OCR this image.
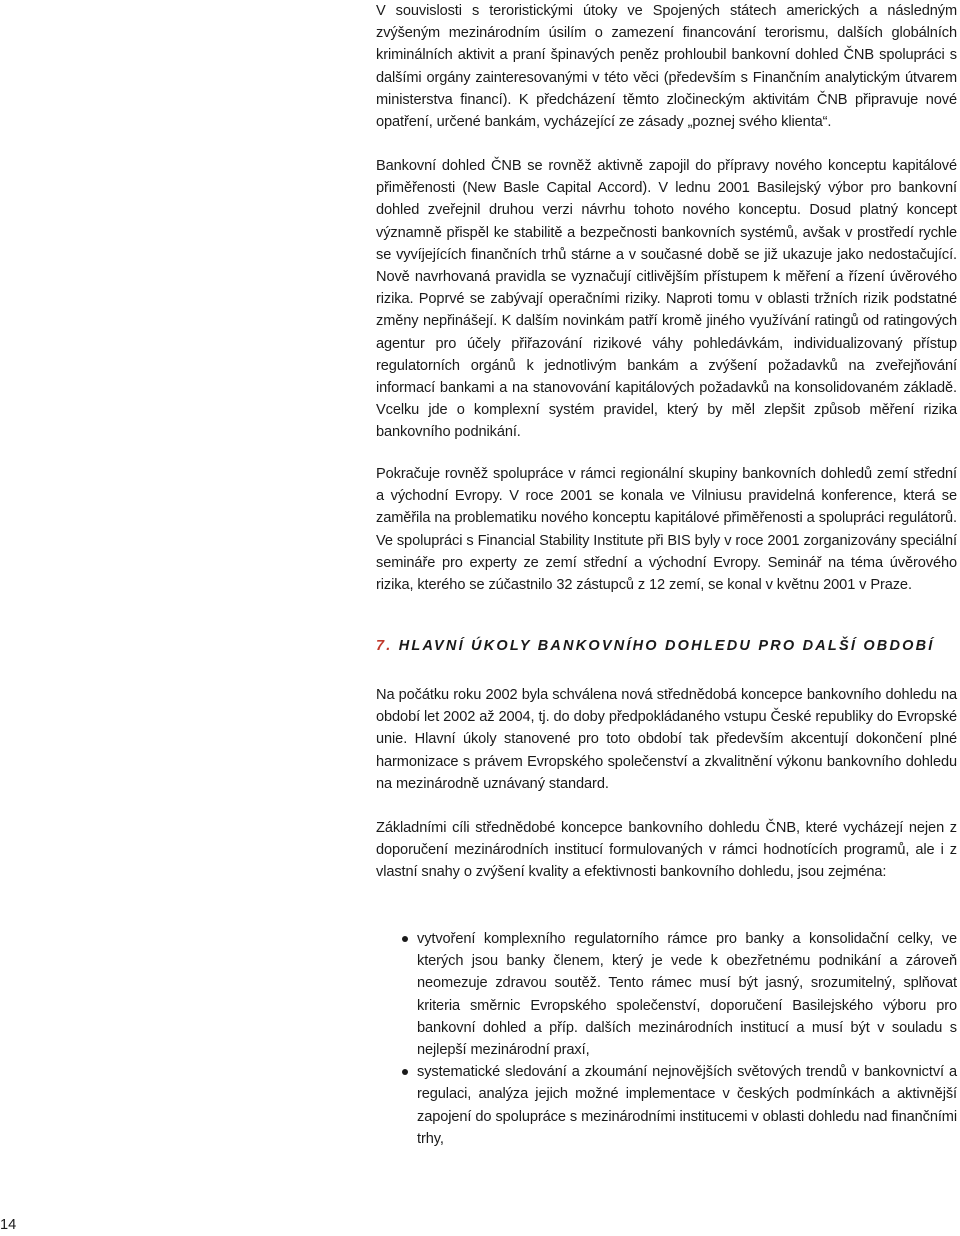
V souvislosti s teroristickými útoky ve Spojených státech amerických a následným zvýšeným mezinárodním úsilím o zamezení financování terorismu, dalších globálních kriminálních aktivit a praní špinavých peněz prohloubil bankovní dohled ČNB spolupráci s dalšími orgány zainteresovanými v této věci (především s Finančním analytickým útvarem ministerstva financí). K předcházení těmto zločineckým aktivitám ČNB připravuje nové opatření, určené bankám, vycházející ze zásady „poznej svého klienta“.

Bankovní dohled ČNB se rovněž aktivně zapojil do přípravy nového konceptu kapitálové přiměřenosti (New Basle Capital Accord). V lednu 2001 Basilejský výbor pro bankovní dohled zveřejnil druhou verzi návrhu tohoto nového konceptu. Dosud platný koncept významně přispěl ke stabilitě a bezpečnosti bankovních systémů, avšak v prostředí rychle se vyvíjejících finančních trhů stárne a v současné době se již ukazuje jako nedostačující. Nově navrhovaná pravidla se vyznačují citlivějším přístupem k měření a řízení úvěrového rizika. Poprvé se zabývají operačními riziky. Naproti tomu v oblasti tržních rizik podstatné změny nepřinášejí. K dalším novinkám patří kromě jiného využívání ratingů od ratingových agentur pro účely přiřazování rizikové váhy pohledávkám, individualizovaný přístup regulatorních orgánů k jednotlivým bankám a zvýšení požadavků na zveřejňování informací bankami a na stanovování kapitálových požadavků na konsolidovaném základě. Vcelku jde o komplexní systém pravidel, který by měl zlepšit způsob měření rizika bankovního podnikání.

Pokračuje rovněž spolupráce v rámci regionální skupiny bankovních dohledů zemí střední a východní Evropy. V roce 2001 se konala ve Vilniusu pravidelná konference, která se zaměřila na problematiku nového konceptu kapitálové přiměřenosti a spolupráci regulátorů. Ve spolupráci s Financial Stability Institute při BIS byly v roce 2001 zorganizovány speciální semináře pro experty ze zemí střední a východní Evropy. Seminář na téma úvěrového rizika, kterého se zúčastnilo 32 zástupců z 12 zemí, se konal v květnu 2001 v Praze.

7. HLAVNÍ ÚKOLY BANKOVNÍHO DOHLEDU PRO DALŠÍ OBDOBÍ

Na počátku roku 2002 byla schválena nová střednědobá koncepce bankovního dohledu na období let 2002 až 2004, tj. do doby předpokládaného vstupu České republiky do Evropské unie. Hlavní úkoly stanovené pro toto období tak především akcentují dokončení plné harmonizace s právem Evropského společenství a zkvalitnění výkonu bankovního dohledu na mezinárodně uznávaný standard.

Základními cíli střednědobé koncepce bankovního dohledu ČNB, které vycházejí nejen z doporučení mezinárodních institucí formulovaných v rámci hodnotících programů, ale i z vlastní snahy o zvýšení kvality a efektivnosti bankovního dohledu, jsou zejména:

vytvoření komplexního regulatorního rámce pro banky a konsolidační celky, ve kterých jsou banky členem, který je vede k obezřetnému podnikání a zároveň neomezuje zdravou soutěž. Tento rámec musí být jasný, srozumitelný, splňovat kriteria směrnic Evropského společenství, doporučení Basilejského výboru pro bankovní dohled a příp. dalších mezinárodních institucí a musí být v souladu s nejlepší mezinárodní praxí,
systematické sledování a zkoumání nejnovějších světových trendů v bankovnictví a regulaci, analýza jejich možné implementace v českých podmínkách a aktivnější zapojení do spolupráce s mezinárodními institucemi v oblasti dohledu nad finančními trhy,
14
